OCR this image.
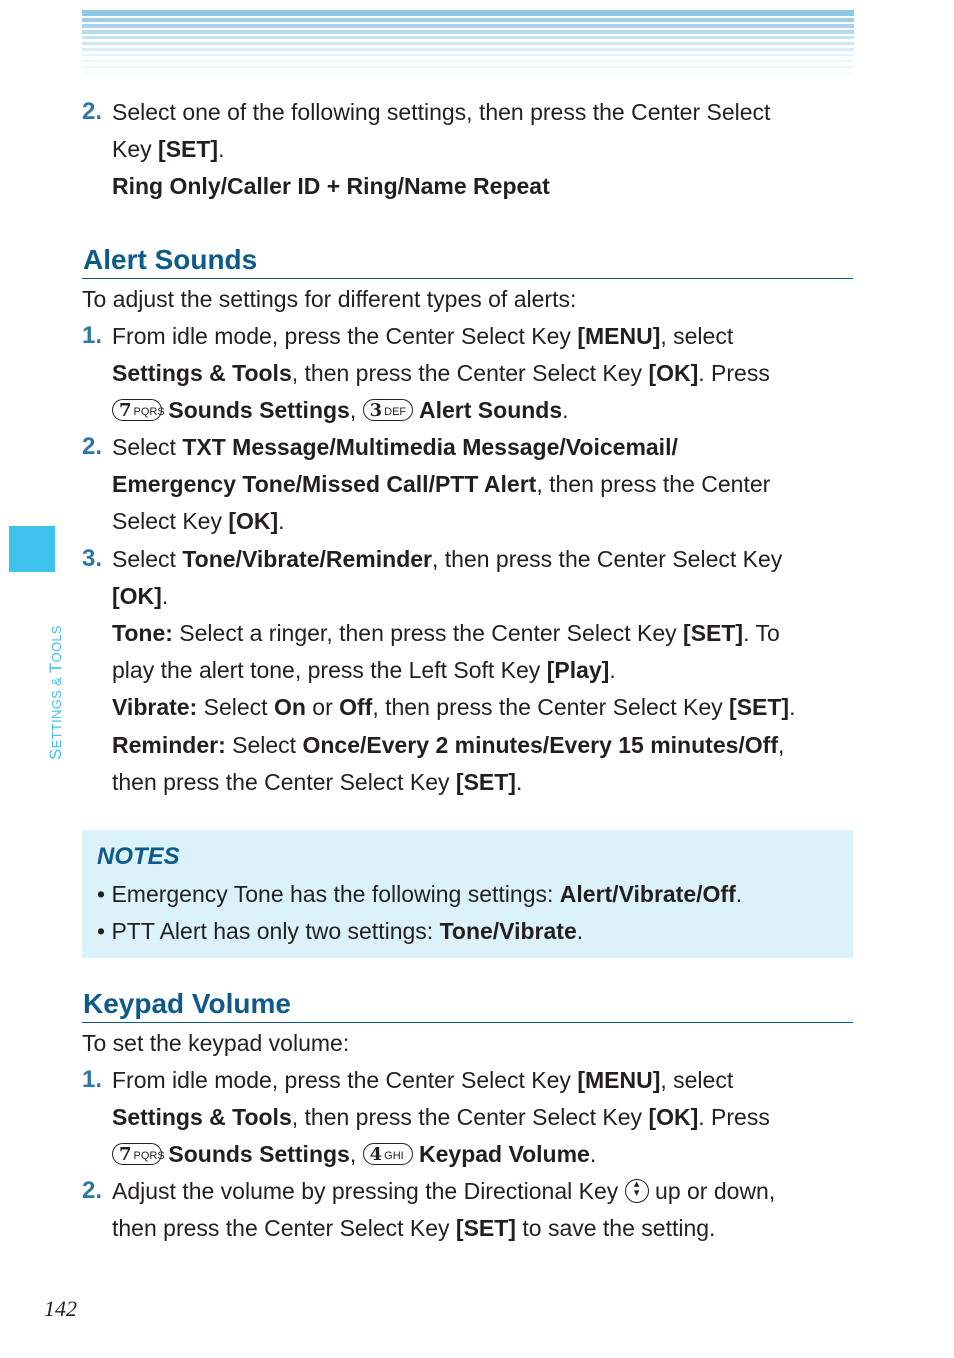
SETTINGS & TOOLS
2. Select one of the following settings, then press the Center Select
Key [SET].
Ring Only/Caller ID + Ring/Name Repeat
Alert Sounds
To adjust the settings for different types of alerts:
1. From idle mode, press the Center Select Key [MENU], select
Settings & Tools, then press the Center Select Key [OK]. Press
7 PQRS Sounds Settings, 3 DEF Alert Sounds.
2. Select TXT Message/Multimedia Message/Voicemail/
Emergency Tone/Missed Call/PTT Alert, then press the Center
Select Key [OK].
3. Select Tone/Vibrate/Reminder, then press the Center Select Key
[OK].
Tone: Select a ringer, then press the Center Select Key [SET]. To
play the alert tone, press the Left Soft Key [Play].
Vibrate: Select On or Off, then press the Center Select Key [SET].
Reminder: Select Once/Every 2 minutes/Every 15 minutes/Off,
then press the Center Select Key [SET].
NOTES
• Emergency Tone has the following settings: Alert/Vibrate/Off.
• PTT Alert has only two settings: Tone/Vibrate.
Keypad Volume
To set the keypad volume:
1. From idle mode, press the Center Select Key [MENU], select
Settings & Tools, then press the Center Select Key [OK]. Press
7 PQRS Sounds Settings, 4 GHI Keypad Volume.
2. Adjust the volume by pressing the Directional Key ▴
▾ up or down,
then press the Center Select Key [SET] to save the setting.
142
